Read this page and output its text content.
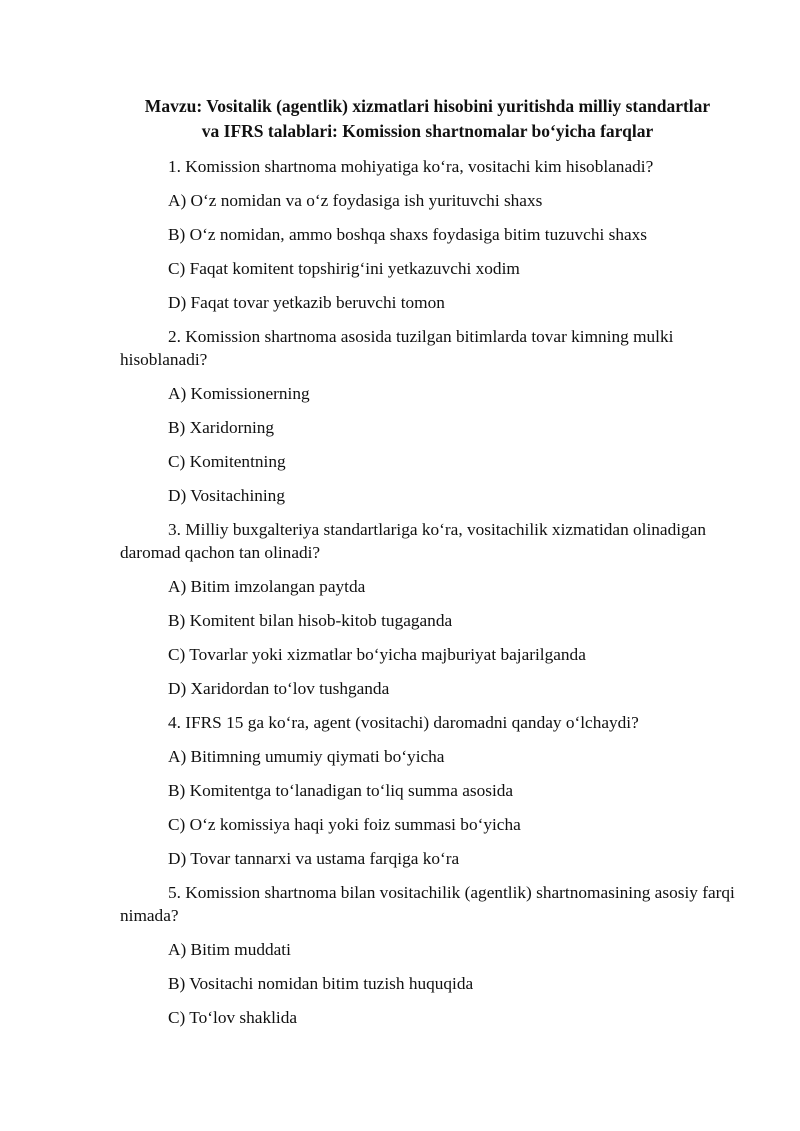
Mavzu: Vositalik (agentlik) xizmatlari hisobini yuritishda milliy standartlar
va IFRS talablari: Komission shartnomalar bo‘yicha farqlar

1. Komission shartnoma mohiyatiga ko‘ra, vositachi kim hisoblanadi?

A) O‘z nomidan va o‘z foydasiga ish yurituvchi shaxs

B) O‘z nomidan, ammo boshqa shaxs foydasiga bitim tuzuvchi shaxs

C) Faqat komitent topshirig‘ini yetkazuvchi xodim

D) Faqat tovar yetkazib beruvchi tomon

2. Komission shartnoma asosida tuzilgan bitimlarda tovar kimning mulki hisoblanadi?

A) Komissionerning

B) Xaridorning

C) Komitentning

D) Vositachining

3. Milliy buxgalteriya standartlariga ko‘ra, vositachilik xizmatidan olinadigan daromad qachon tan olinadi?

A) Bitim imzolangan paytda

B) Komitent bilan hisob-kitob tugaganda

C) Tovarlar yoki xizmatlar bo‘yicha majburiyat bajarilganda

D) Xaridordan to‘lov tushganda

4. IFRS 15 ga ko‘ra, agent (vositachi) daromadni qanday o‘lchaydi?

A) Bitimning umumiy qiymati bo‘yicha

B) Komitentga to‘lanadigan to‘liq summa asosida

C) O‘z komissiya haqi yoki foiz summasi bo‘yicha

D) Tovar tannarxi va ustama farqiga ko‘ra

5. Komission shartnoma bilan vositachilik (agentlik) shartnomasining asosiy farqi nimada?

A) Bitim muddati

B) Vositachi nomidan bitim tuzish huquqida

C) To‘lov shaklida
